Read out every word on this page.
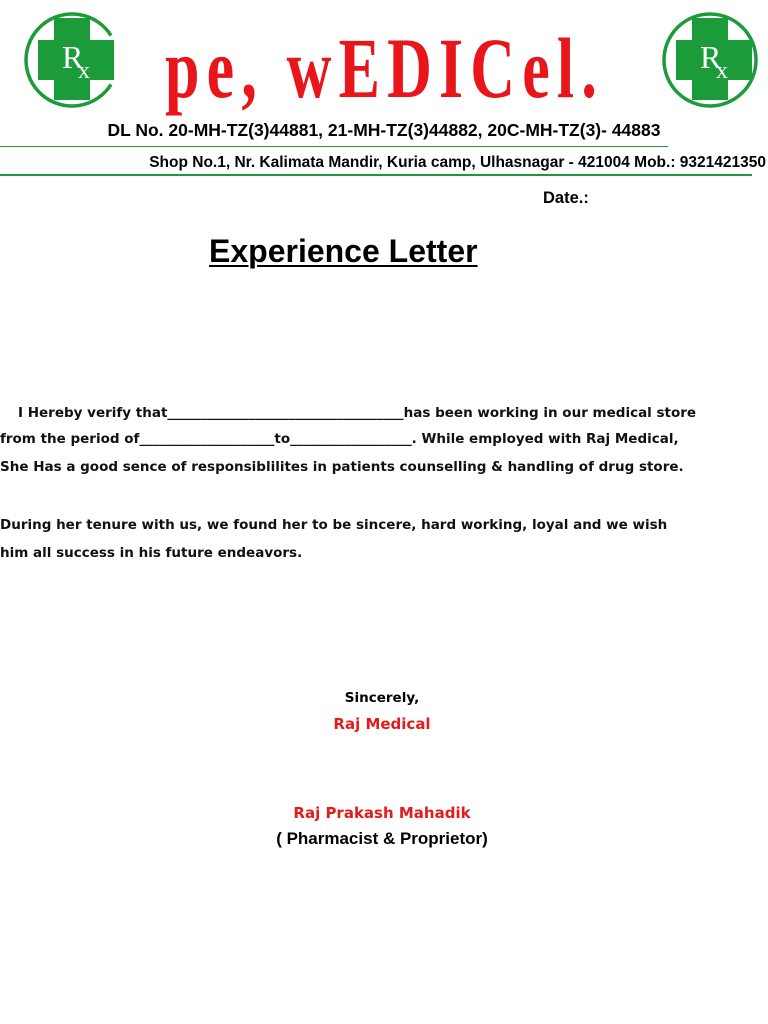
R
x	R
x
pe, wEDICel.
DL No. 20-MH-TZ(3)44881, 21-MH-TZ(3)44882, 20C-MH-TZ(3)- 44883
Shop No.1, Nr. Kalimata Mandir, Kuria camp, Ulhasnagar - 421004 Mob.: 9321421350
Date.:
Experience Letter
I Hereby verify that___________________________________has been working in our medical store
from the period of____________________to__________________. While employed with Raj Medical,
She Has a good sence of responsiblilites in patients counselling & handling of drug store.
During her tenure with us, we found her to be sincere, hard working, loyal and we wish
him all success in his future endeavors.
Sincerely,
Raj Medical
Raj Prakash Mahadik
( Pharmacist & Proprietor)
